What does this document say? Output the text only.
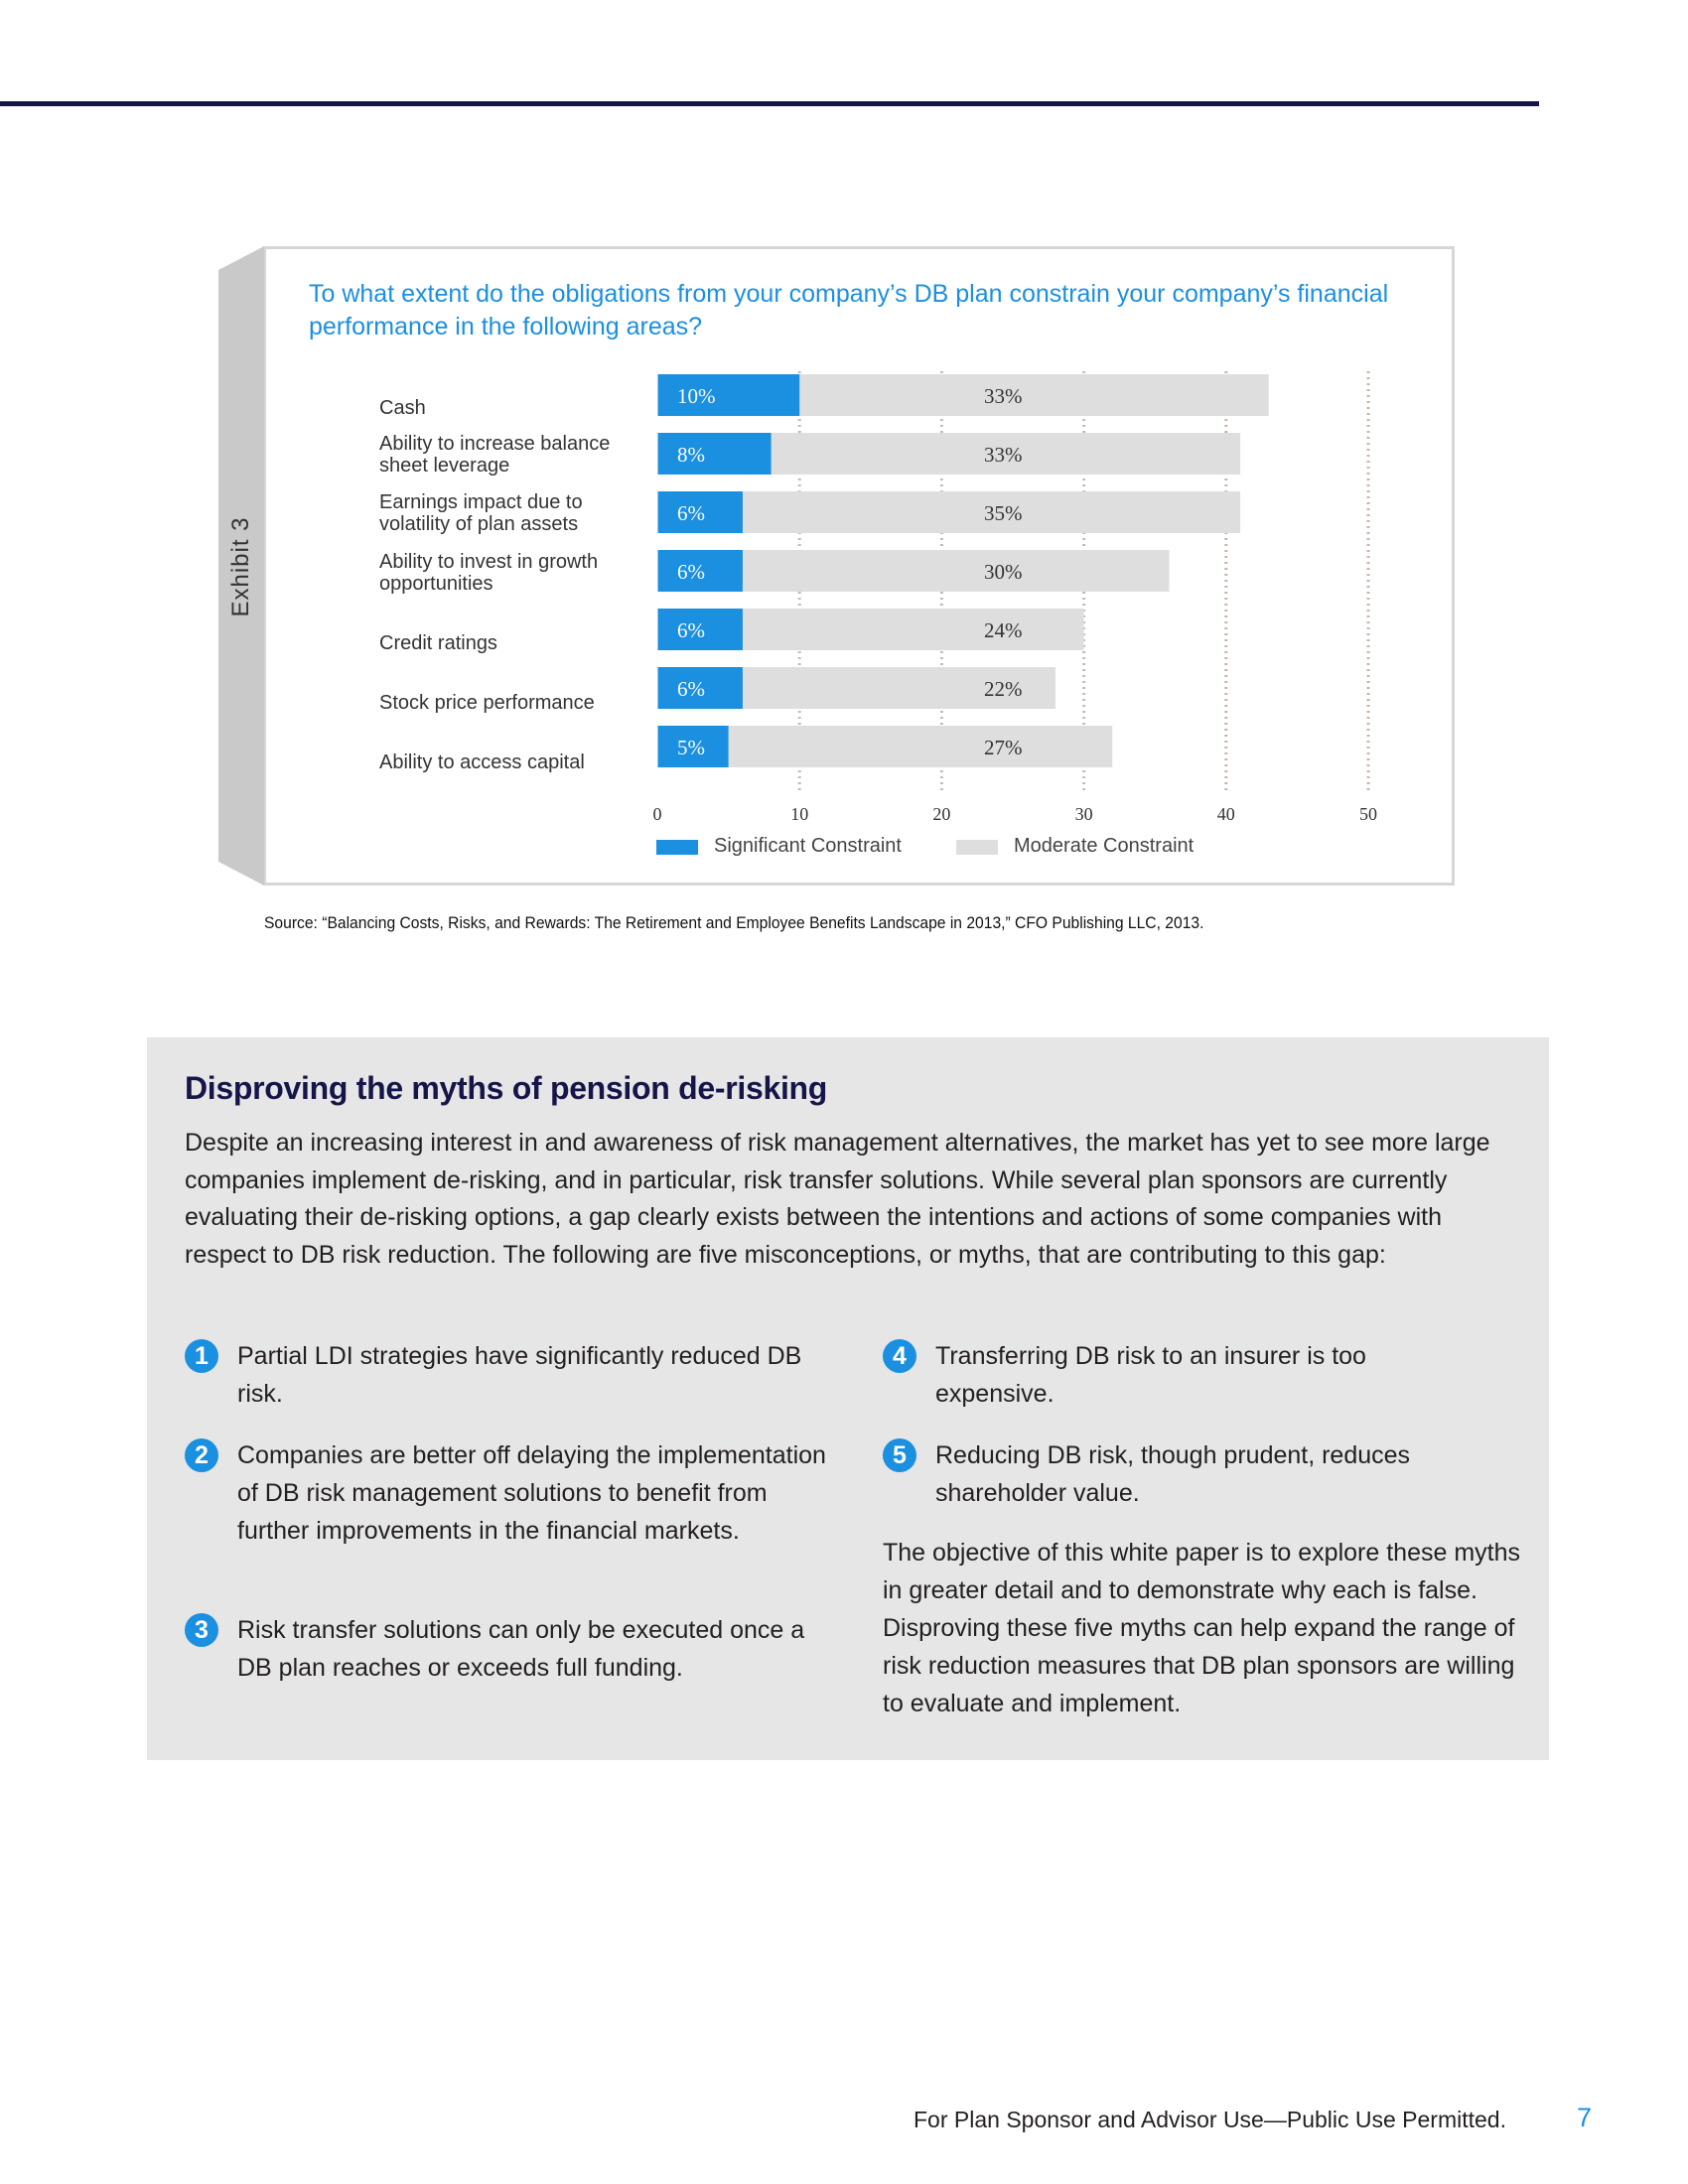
Exhibit 3
To what extent do the obligations from your company’s DB plan constrain your company’s financial performance in the following areas?
Cash
Ability to increase balance sheet leverage
Earnings impact due to volatility of plan assets
Ability to invest in growth opportunities
Credit ratings
Stock price performance
Ability to access capital
10%	33%
8%	33%
6%	35%
6%	30%
6%	24%
6%	22%
5%	27%
0	10	20	30	40	50
Significant Constraint	Moderate Constraint
Source: “Balancing Costs, Risks, and Rewards: The Retirement and Employee Benefits Landscape in 2013,” CFO Publishing LLC, 2013.
Disproving the myths of pension de-risking
Despite an increasing interest in and awareness of risk management alternatives, the market has yet to see more large companies implement de-risking, and in particular, risk transfer solutions. While several plan sponsors are currently evaluating their de-risking options, a gap clearly exists between the intentions and actions of some companies with respect to DB risk reduction. The following are five misconceptions, or myths, that are contributing to this gap:
1	Partial LDI strategies have significantly reduced DB risk.
2	Companies are better off delaying the implementation of DB risk management solutions to benefit from further improvements in the financial markets.
3	Risk transfer solutions can only be executed once a DB plan reaches or exceeds full funding.
4	Transferring DB risk to an insurer is too expensive.
5	Reducing DB risk, though prudent, reduces shareholder value.
The objective of this white paper is to explore these myths in greater detail and to demonstrate why each is false. Disproving these five myths can help expand the range of risk reduction measures that DB plan sponsors are willing to evaluate and implement.
For Plan Sponsor and Advisor Use—Public Use Permitted.	7
